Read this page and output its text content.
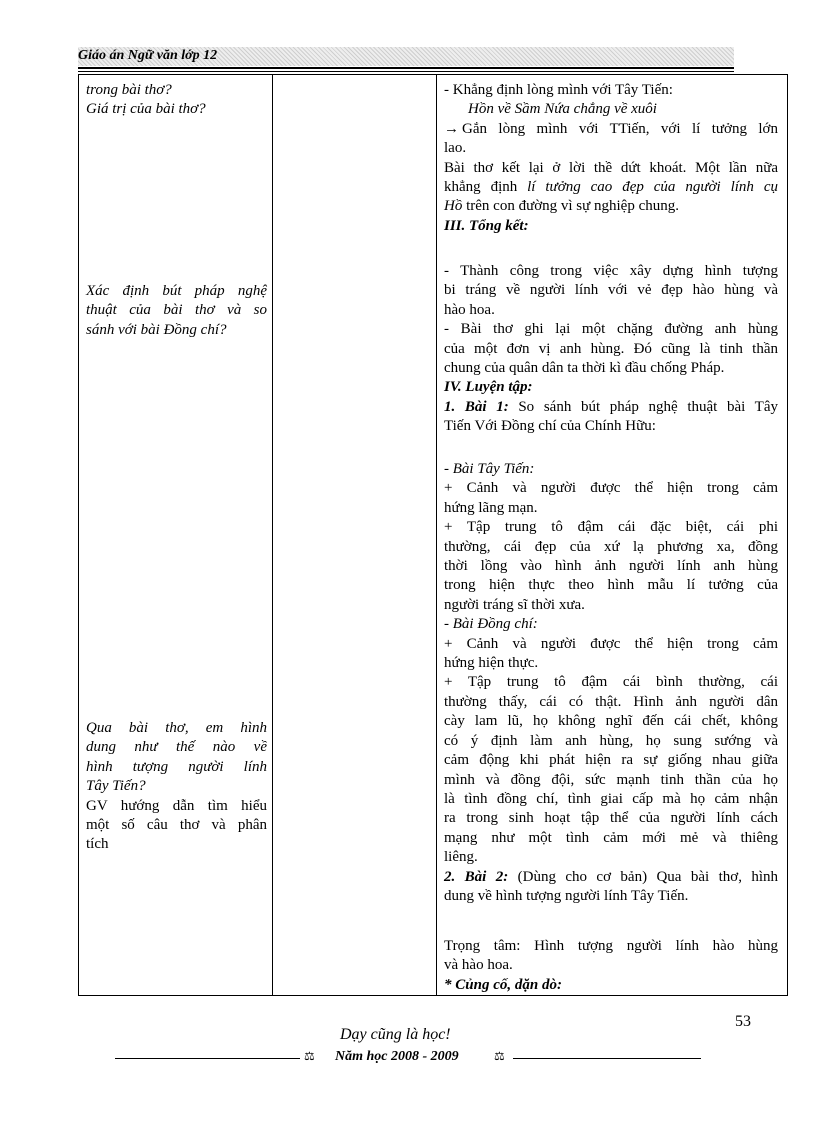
Giáo án Ngữ văn lớp 12
trong bài thơ?
Giá trị của bài thơ?
Xác định bút pháp nghệ
thuật của bài thơ và so
sánh với bài Đồng chí?
Qua bài thơ, em hình
dung như thế nào về
hình tượng người lính
Tây Tiến?
GV hướng dẫn tìm hiểu
một số câu thơ và phân
tích
- Khẳng định lòng mình với Tây Tiến:
Hồn về Sầm Nứa chẳng về xuôi
→ Gắn lòng mình với TTiến, với lí tưởng lớn
lao.
Bài thơ kết lại ở lời thề dứt khoát. Một lần nữa
khẳng định lí tưởng cao đẹp của người lính cụ
Hồ trên con đường vì sự nghiệp chung.
III. Tổng kết:
- Thành công trong việc xây dựng hình tượng
bi tráng về người lính với vẻ đẹp hào hùng và
hào hoa.
- Bài thơ ghi lại một chặng đường anh hùng
của một đơn vị anh hùng. Đó cũng là tinh thần
chung của quân dân ta thời kì đầu chống Pháp.
IV. Luyện tập:
1. Bài 1: So sánh bút pháp nghệ thuật bài Tây
Tiến Với Đồng chí của Chính Hữu:
- Bài Tây Tiến:
+ Cảnh và người được thể hiện trong cảm
hứng lãng mạn.
+ Tập trung tô đậm cái đặc biệt, cái phi
thường, cái đẹp của xứ lạ phương xa, đồng
thời lồng vào hình ảnh người lính anh hùng
trong hiện thực theo hình mẫu lí tưởng của
người tráng sĩ thời xưa.
- Bài Đồng chí:
+ Cảnh và người được thể hiện trong cảm
hứng hiện thực.
+ Tập trung tô đậm cái bình thường, cái
thường thấy, cái có thật. Hình ảnh người dân
cày lam lũ, họ không nghĩ đến cái chết, không
có ý định làm anh hùng, họ sung sướng và
cảm động khi phát hiện ra sự giống nhau giữa
mình và đồng đội, sức mạnh tinh thần của họ
là tình đồng chí, tình giai cấp mà họ cảm nhận
ra trong sinh hoạt tập thể của người lính cách
mạng như một tình cảm mới mẻ và thiêng
liêng.
2. Bài 2: (Dùng cho cơ bản) Qua bài thơ, hình
dung về hình tượng người lính Tây Tiến.
Trọng tâm: Hình tượng người lính hào hùng
và hào hoa.
* Củng cố, dặn dò:
Dạy cũng là học!
53
⚖ Năm học 2008 - 2009	⚖
